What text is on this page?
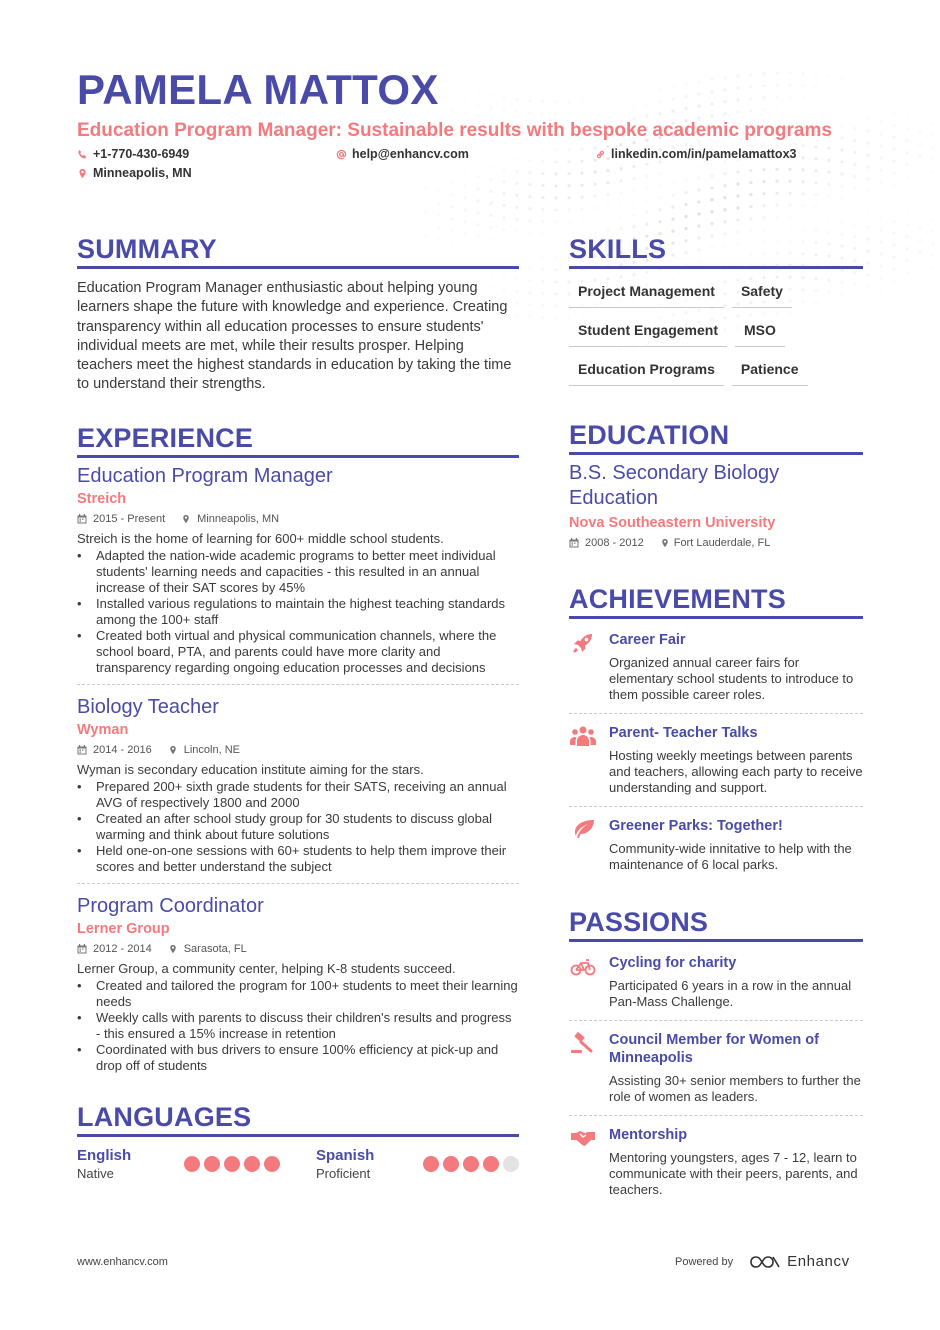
PAMELA MATTOX
Education Program Manager: Sustainable results with bespoke academic programs
+1-770-430-6949	help@enhancv.com	linkedin.com/in/pamelamattox3
Minneapolis, MN
SUMMARY

Education Program Manager enthusiastic about helping young learners shape the future with knowledge and experience. Creating transparency within all education processes to ensure students' individual meets are met, while their results prosper. Helping teachers meet the highest standards in education by taking the time to understand their strengths.

EXPERIENCE
Education Program Manager
Streich
2015 - Present	Minneapolis, MN
Streich is the home of learning for 600+ middle school students.
• Adapted the nation-wide academic programs to better meet individual students' learning needs and capacities - this resulted in an annual increase of their SAT scores by 45%
• Installed various regulations to maintain the highest teaching standards among the 100+ staff
• Created both virtual and physical communication channels, where the school board, PTA, and parents could have more clarity and transparency regarding ongoing education processes and decisions
Biology Teacher
Wyman
2014 - 2016	Lincoln, NE
Wyman is secondary education institute aiming for the stars.
• Prepared 200+ sixth grade students for their SATS, receiving an annual AVG of respectively 1800 and 2000
• Created an after school study group for 30 students to discuss global warming and think about future solutions
• Held one-on-one sessions with 60+ students to help them improve their scores and better understand the subject
Program Coordinator
Lerner Group
2012 - 2014	Sarasota, FL
Lerner Group, a community center, helping K-8 students succeed.
• Created and tailored the program for 100+ students to meet their learning needs
• Weekly calls with parents to discuss their children's results and progress - this ensured a 15% increase in retention
• Coordinated with bus drivers to ensure 100% efficiency at pick-up and drop off of students
LANGUAGES
English
Native
Spanish
Proficient
SKILLS
Project Management	Safety
Student Engagement	MSO
Education Programs	Patience
EDUCATION
B.S. Secondary Biology Education
Nova Southeastern University
2008 - 2012	Fort Lauderdale, FL
ACHIEVEMENTS
Career Fair
Organized annual career fairs for elementary school students to introduce to them possible career roles.
Parent- Teacher Talks
Hosting weekly meetings between parents and teachers, allowing each party to receive understanding and support.
Greener Parks: Together!
Community-wide innitative to help with the maintenance of 6 local parks.
PASSIONS
Cycling for charity
Participated 6 years in a row in the annual Pan-Mass Challenge.
Council Member for Women of Minneapolis
Assisting 30+ senior members to further the role of women as leaders.
Mentorship
Mentoring youngsters, ages 7 - 12, learn to communicate with their peers, parents, and teachers.
www.enhancv.com	Powered by	Enhancv
